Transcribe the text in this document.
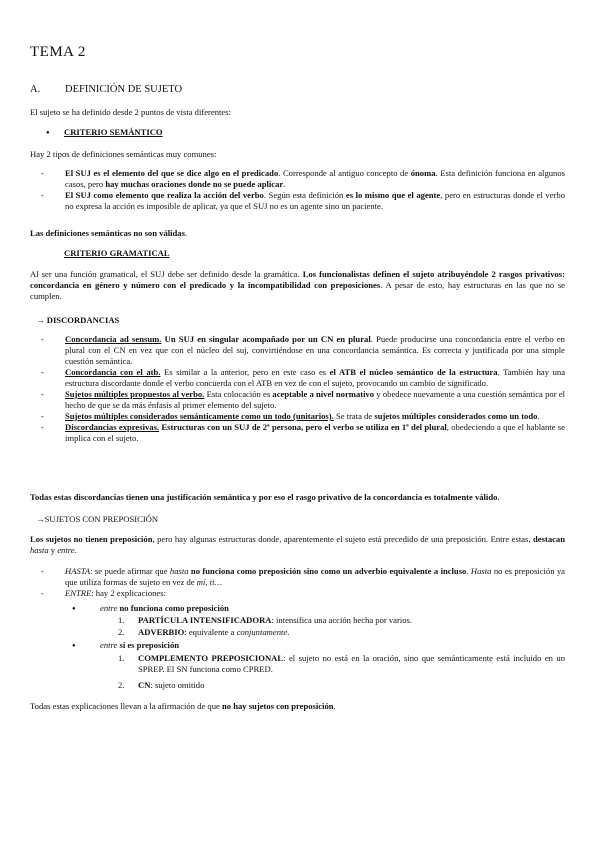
TEMA 2
A. DEFINICIÓN DE SUJETO
El sujeto se ha definido desde 2 puntos de vista diferentes:
CRITERIO SEMÁNTICO
Hay 2 tipos de definiciones semánticas muy comunes:
- El SUJ es el elemento del que se dice algo en el predicado. Corresponde al antiguo concepto de ónoma. Esta definición funciona en algunos casos, pero hay muchas oraciones donde no se puede aplicar.
- El SUJ como elemento que realiza la acción del verbo. Según esta definición es lo mismo que el agente, pero en estructuras donde el verbo no expresa la acción es imposible de aplicar, ya que el SUJ no es un agente sino un paciente.
Las definiciones semánticas no son válidas.
CRITERIO GRAMATICAL
Al ser una función gramatical, el SUJ debe ser definido desde la gramática. Los funcionalistas definen el sujeto atribuyéndole 2 rasgos privativos: concordancia en género y número con el predicado y la incompatibilidad con preposiciones. A pesar de esto, hay estructuras en las que no se cumplen.
→ DISCORDANCIAS
- Concordancia ad sensum. Un SUJ en singular acompañado por un CN en plural. Puede producirse una concordancia entre el verbo en plural con el CN en vez que con el núcleo del suj, convirtiéndose en una concordancia semántica. Es correcta y justificada por una simple cuestión semántica.
- Concordancia con el atb. Es similar a la anterior, pero en este caso es el ATB el núcleo semántico de la estructura. También hay una estructura discordante donde el verbo concuerda con el ATB en vez de con el sujeto, provocando un cambio de significado.
- Sujetos múltiples propuestos al verbo. Esta colocación es aceptable a nivel normativo y obedece nuevamente a una cuestión semántica por el hecho de que se da más énfasis al primer elemento del sujeto.
- Sujetos múltiples considerados semánticamente como un todo (unitarios). Se trata de sujetos múltiples considerados como un todo.
- Discordancias expresivas. Estructuras con un SUJ de 2ª persona, pero el verbo se utiliza en 1ª del plural, obedeciendo a que el hablante se implica con el sujeto.
Todas estas discordancias tienen una justificación semántica y por eso el rasgo privativo de la concordancia es totalmente válido.
→SUJETOS CON PREPOSICIÓN
Los sujetos no tienen preposición, pero hay algunas estructuras donde, aparentemente el sujeto está precedido de una preposición. Entre estas, destacan hasta y entre.
- HASTA: se puede afirmar que hasta no funciona como preposición sino como un adverbio equivalente a incluso. Hasta no es preposición ya que utiliza formas de sujeto en vez de mí, ti…
- ENTRE: hay 2 explicaciones:
entre no funciona como preposición
1. PARTÍCULA INTENSIFICADORA: intensifica una acción hecha por varios.
2. ADVERBIO: equivalente a conjuntamente.
entre si es preposición
1. COMPLEMENTO PREPOSICIONAL: el sujeto no está en la oración, sino que semánticamente está incluido en un SPREP. El SN funciona como CPRED.
2. CN: sujeto omitido
Todas estas explicaciones llevan a la afirmación de que no hay sujetos con preposición.
